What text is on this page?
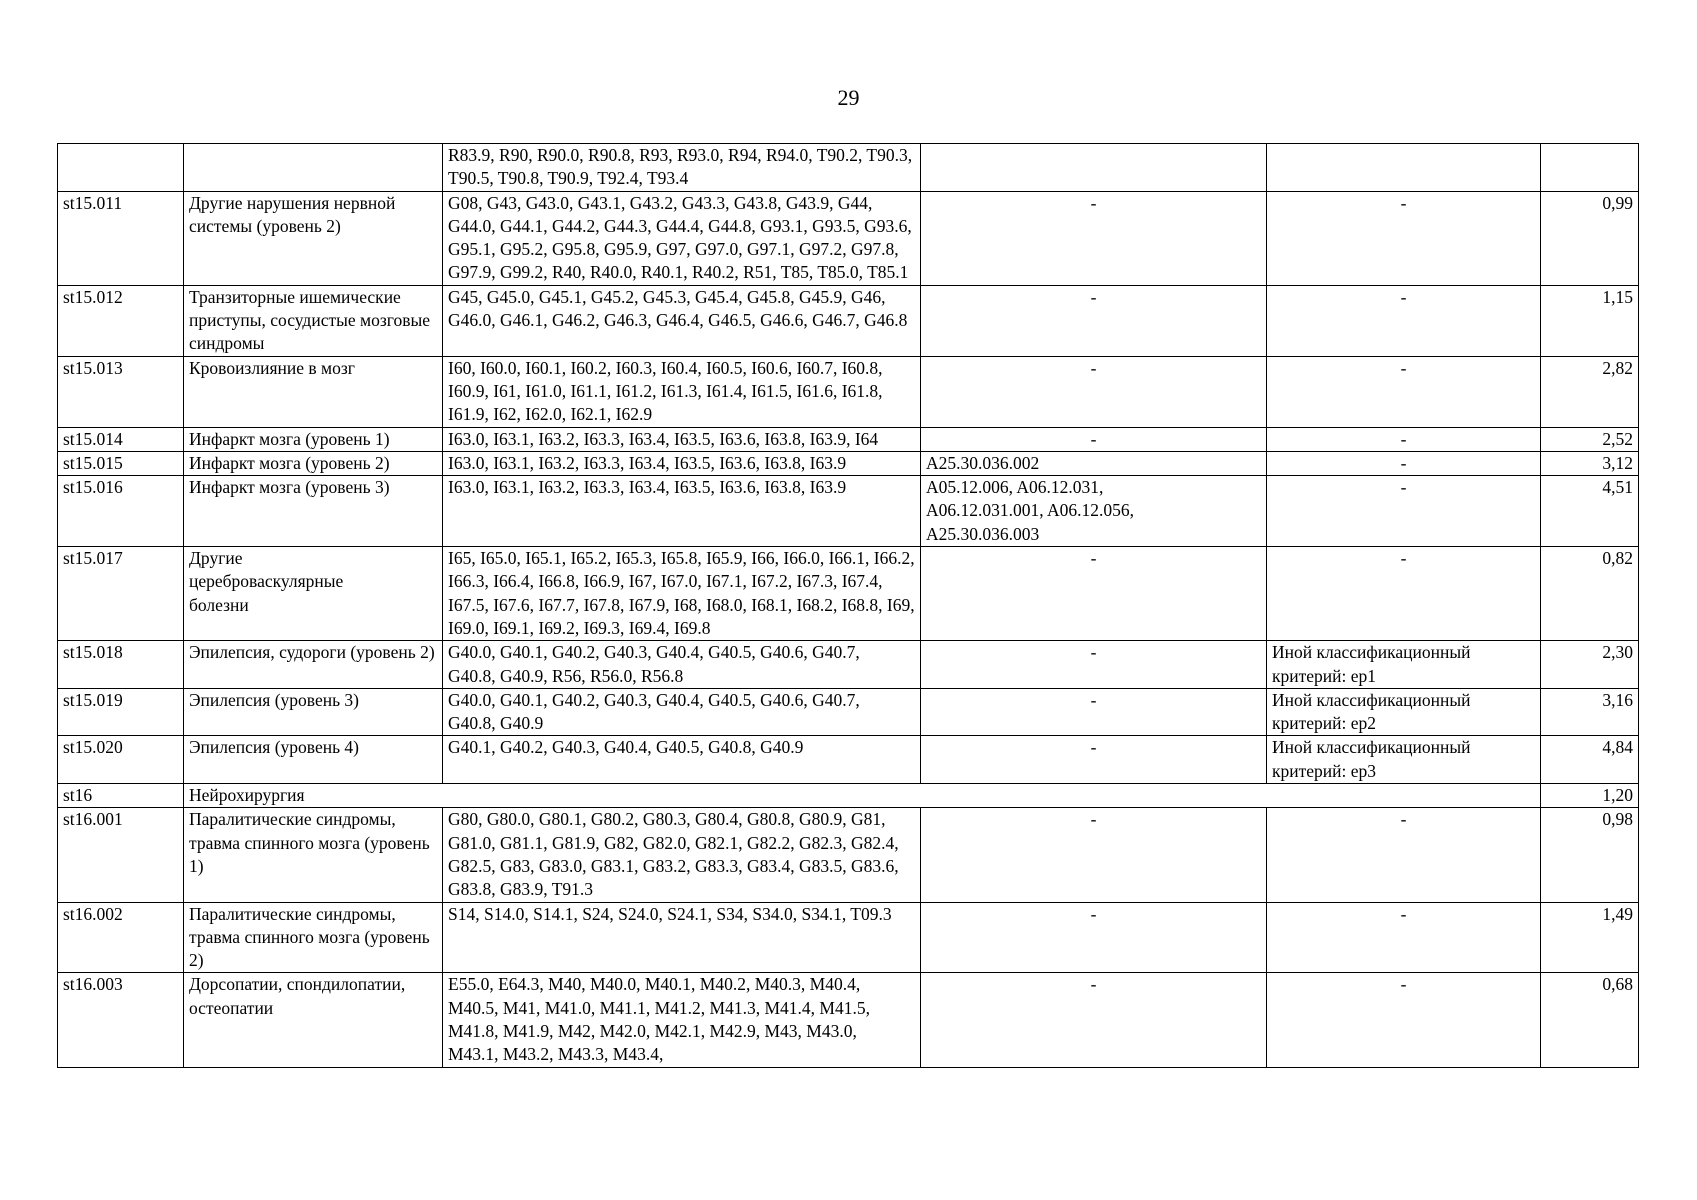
29
		R83.9, R90, R90.0, R90.8, R93, R93.0, R94, R94.0, T90.2, T90.3, T90.5, T90.8, T90.9, T92.4, T93.4			
st15.011	Другие нарушения нервной системы (уровень 2)	G08, G43, G43.0, G43.1, G43.2, G43.3, G43.8, G43.9, G44, G44.0, G44.1, G44.2, G44.3, G44.4, G44.8, G93.1, G93.5, G93.6, G95.1, G95.2, G95.8, G95.9, G97, G97.0, G97.1, G97.2, G97.8, G97.9, G99.2, R40, R40.0, R40.1, R40.2, R51, T85, T85.0, T85.1	-	-	0,99
st15.012	Транзиторные ишемические приступы, сосудистые мозговые синдромы	G45, G45.0, G45.1, G45.2, G45.3, G45.4, G45.8, G45.9, G46, G46.0, G46.1, G46.2, G46.3, G46.4, G46.5, G46.6, G46.7, G46.8	-	-	1,15
st15.013	Кровоизлияние в мозг	I60, I60.0, I60.1, I60.2, I60.3, I60.4, I60.5, I60.6, I60.7, I60.8, I60.9, I61, I61.0, I61.1, I61.2, I61.3, I61.4, I61.5, I61.6, I61.8, I61.9, I62, I62.0, I62.1, I62.9	-	-	2,82
st15.014	Инфаркт мозга (уровень 1)	I63.0, I63.1, I63.2, I63.3, I63.4, I63.5, I63.6, I63.8, I63.9, I64	-	-	2,52
st15.015	Инфаркт мозга (уровень 2)	I63.0, I63.1, I63.2, I63.3, I63.4, I63.5, I63.6, I63.8, I63.9	A25.30.036.002	-	3,12
st15.016	Инфаркт мозга (уровень 3)	I63.0, I63.1, I63.2, I63.3, I63.4, I63.5, I63.6, I63.8, I63.9	A05.12.006, A06.12.031, A06.12.031.001, A06.12.056, A25.30.036.003	-	4,51
st15.017	Другие цереброваскулярные болезни	I65, I65.0, I65.1, I65.2, I65.3, I65.8, I65.9, I66, I66.0, I66.1, I66.2, I66.3, I66.4, I66.8, I66.9, I67, I67.0, I67.1, I67.2, I67.3, I67.4, I67.5, I67.6, I67.7, I67.8, I67.9, I68, I68.0, I68.1, I68.2, I68.8, I69, I69.0, I69.1, I69.2, I69.3, I69.4, I69.8	-	-	0,82
st15.018	Эпилепсия, судороги (уровень 2)	G40.0, G40.1, G40.2, G40.3, G40.4, G40.5, G40.6, G40.7, G40.8, G40.9, R56, R56.0, R56.8	-	Иной классификационный критерий: ep1	2,30
st15.019	Эпилепсия (уровень 3)	G40.0, G40.1, G40.2, G40.3, G40.4, G40.5, G40.6, G40.7, G40.8, G40.9	-	Иной классификационный критерий: ep2	3,16
st15.020	Эпилепсия (уровень 4)	G40.1, G40.2, G40.3, G40.4, G40.5, G40.8, G40.9	-	Иной классификационный критерий: ep3	4,84
st16	Нейрохирургия				1,20
st16.001	Паралитические синдромы, травма спинного мозга (уровень 1)	G80, G80.0, G80.1, G80.2, G80.3, G80.4, G80.8, G80.9, G81, G81.0, G81.1, G81.9, G82, G82.0, G82.1, G82.2, G82.3, G82.4, G82.5, G83, G83.0, G83.1, G83.2, G83.3, G83.4, G83.5, G83.6, G83.8, G83.9, T91.3	-	-	0,98
st16.002	Паралитические синдромы, травма спинного мозга (уровень 2)	S14, S14.0, S14.1, S24, S24.0, S24.1, S34, S34.0, S34.1, T09.3	-	-	1,49
st16.003	Дорсопатии, спондилопатии, остеопатии	E55.0, E64.3, M40, M40.0, M40.1, M40.2, M40.3, M40.4, M40.5, M41, M41.0, M41.1, M41.2, M41.3, M41.4, M41.5, M41.8, M41.9, M42, M42.0, M42.1, M42.9, M43, M43.0, M43.1, M43.2, M43.3, M43.4,	-	-	0,68
